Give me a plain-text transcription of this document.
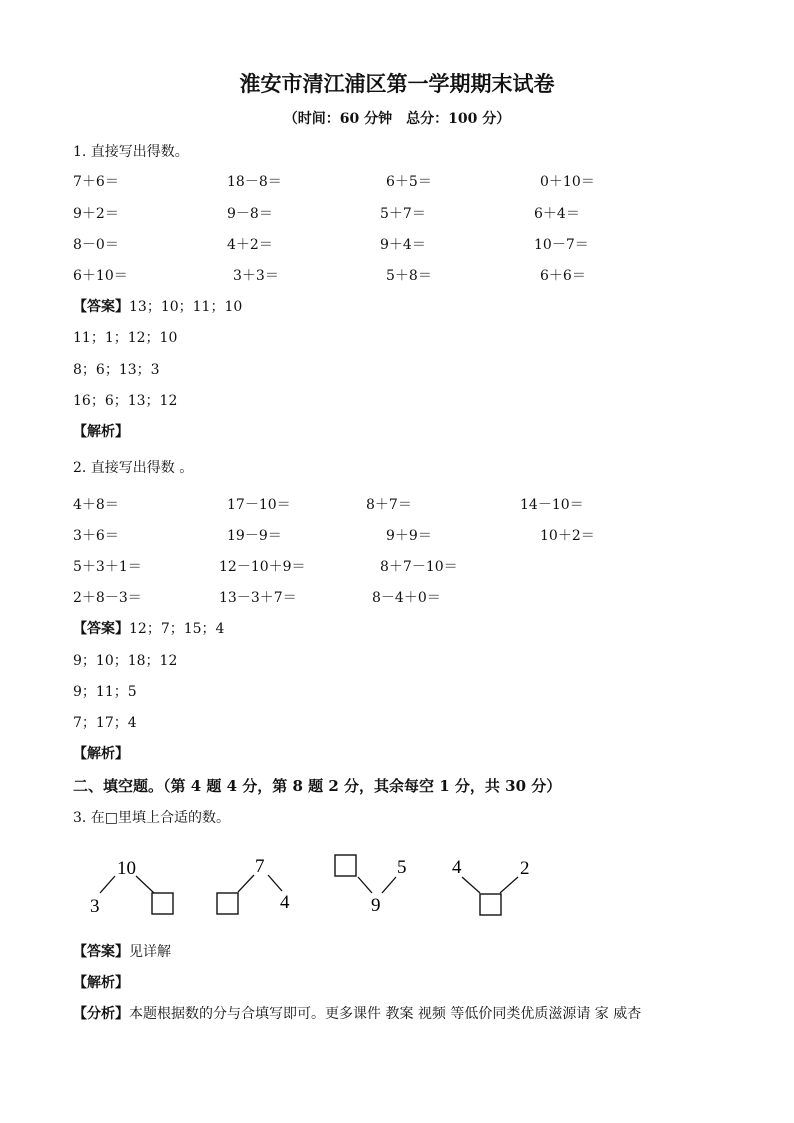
淮安市清江浦区第一学期期末试卷
（时间：60 分钟　总分：100 分）
1. 直接写出得数。
7＋6＝	18－8＝	6＋5＝	0＋10＝
9＋2＝	9－8＝	5＋7＝	6＋4＝
8－0＝	4＋2＝	9＋4＝	10－7＝
6＋10＝	3＋3＝	5＋8＝	6＋6＝
【答案】13；10；11；10
11；1；12；10
8；6；13；3
16；6；13；12
【解析】
2. 直接写出得数 。
4＋8＝	17－10＝	8＋7＝	14－10＝
3＋6＝	19－9＝	9＋9＝	10＋2＝
5＋3＋1＝	12－10＋9＝	8＋7－10＝
2＋8－3＝	13－3＋7＝	8－4＋0＝
【答案】12；7；15；4
9；10；18；12
9；11；5
7；17；4
【解析】
二、填空题。（第 4 题 4 分，第 8 题 2 分，其余每空 1 分，共 30 分）
3. 在□里填上合适的数。
10
3
7
4
5
9
4	2
【答案】见详解
【解析】
【分析】本题根据数的分与合填写即可。更多课件 教案 视频 等低价同类优质滋源请 家 威杏
